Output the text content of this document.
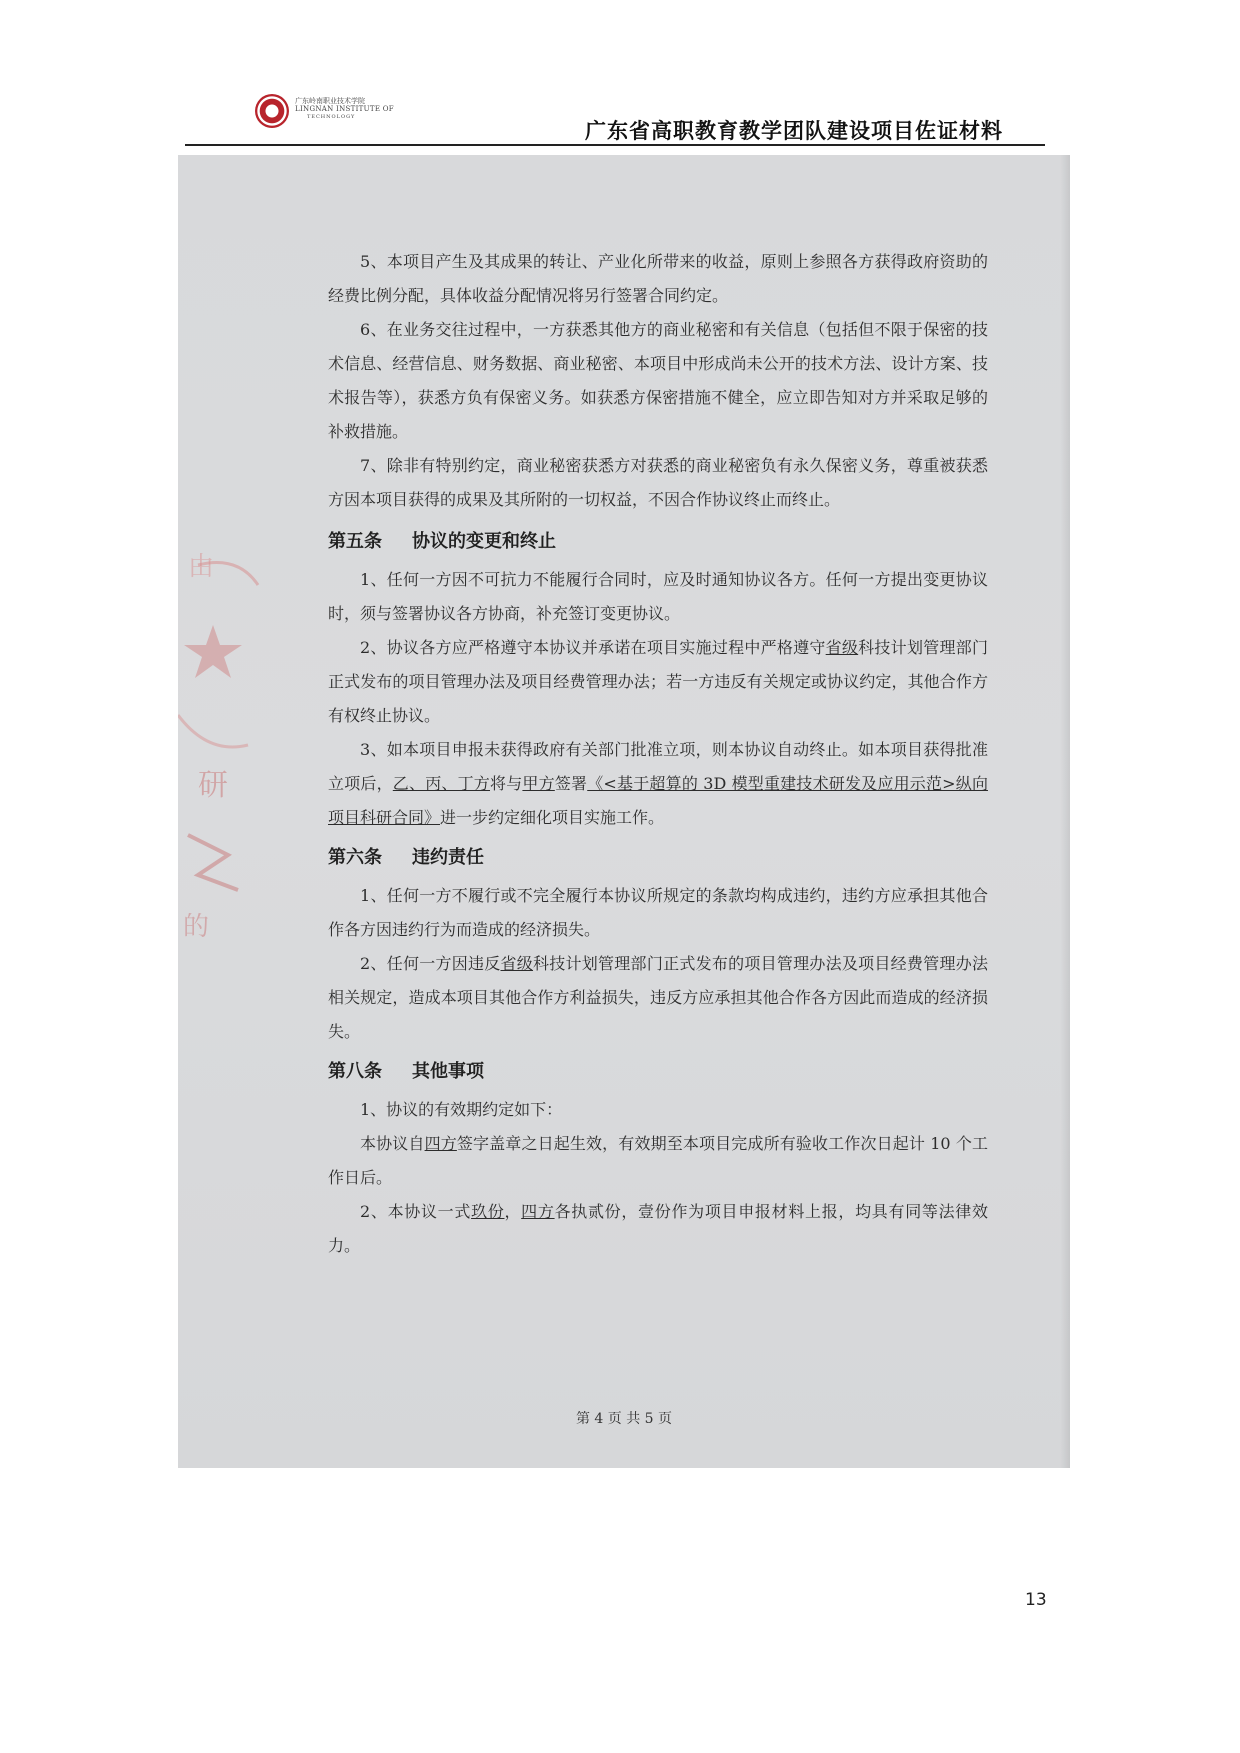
广东岭南职业技术学院
LINGNAN INSTITUTE OF
TECHNOLOGY
广东省高职教育教学团队建设项目佐证材料
由
研
的
5、本项目产生及其成果的转让、产业化所带来的收益，原则上参照各方获得政府资助的经费比例分配，具体收益分配情况将另行签署合同约定。
6、在业务交往过程中，一方获悉其他方的商业秘密和有关信息（包括但不限于保密的技术信息、经营信息、财务数据、商业秘密、本项目中形成尚未公开的技术方法、设计方案、技术报告等），获悉方负有保密义务。如获悉方保密措施不健全，应立即告知对方并采取足够的补救措施。
7、除非有特别约定，商业秘密获悉方对获悉的商业秘密负有永久保密义务，尊重被获悉方因本项目获得的成果及其所附的一切权益，不因合作协议终止而终止。
第五条 协议的变更和终止
1、任何一方因不可抗力不能履行合同时，应及时通知协议各方。任何一方提出变更协议时，须与签署协议各方协商，补充签订变更协议。
2、协议各方应严格遵守本协议并承诺在项目实施过程中严格遵守省级科技计划管理部门正式发布的项目管理办法及项目经费管理办法；若一方违反有关规定或协议约定，其他合作方有权终止协议。
3、如本项目申报未获得政府有关部门批准立项，则本协议自动终止。如本项目获得批准立项后，乙、丙、丁方将与甲方签署《<基于超算的 3D 模型重建技术研发及应用示范>纵向项目科研合同》进一步约定细化项目实施工作。
第六条 违约责任
1、任何一方不履行或不完全履行本协议所规定的条款均构成违约，违约方应承担其他合作各方因违约行为而造成的经济损失。
2、任何一方因违反省级科技计划管理部门正式发布的项目管理办法及项目经费管理办法相关规定，造成本项目其他合作方利益损失，违反方应承担其他合作各方因此而造成的经济损失。
第八条 其他事项
1、协议的有效期约定如下：
本协议自四方签字盖章之日起生效，有效期至本项目完成所有验收工作次日起计 10 个工作日后。
2、本协议一式玖份，四方各执贰份，壹份作为项目申报材料上报，均具有同等法律效力。
第 4 页 共 5 页
13
